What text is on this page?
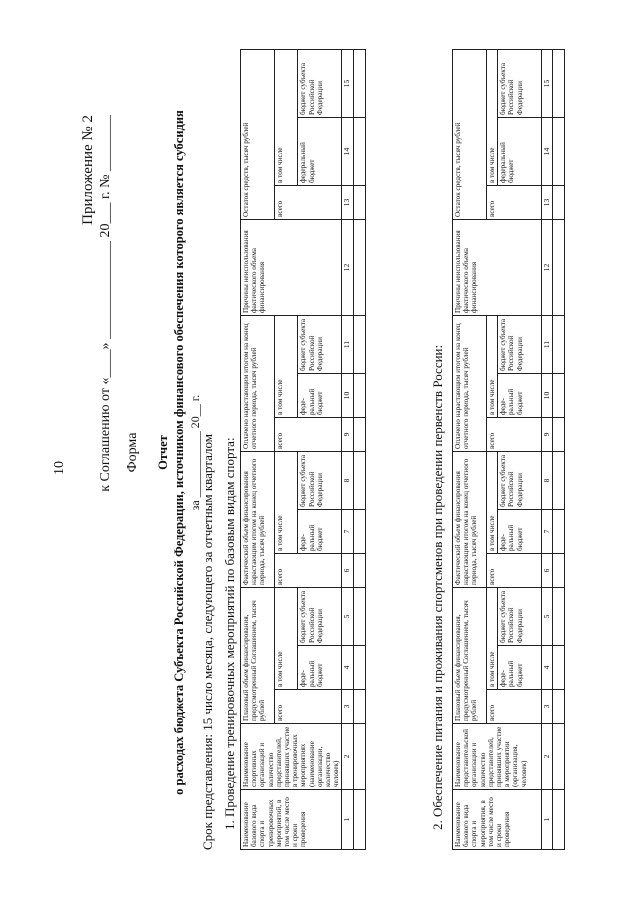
10
Приложение № 2 к Соглашению от «____» ______________ 20___ г. № ________ Форма Отчет о расходах бюджета Субъекта Российской Федерации, источником финансового обеспечения которого является субсидия за ___________ 20__ г.
Срок представления: 15 число месяца, следующего за отчетным кварталом 1. Проведение тренировочных мероприятий по базовым видам спорта: Наименование базового вида спорта и тренировочных мероприятий, в том числе место и сроки проведения	Наименование спортивных организаций и количество представителей, принявших участие в тренировочных мероприятиях (наименование организации, количество человек)	Плановый объем финансирования, предусмотренный Соглашением, тысяч рублей			Фактический объем финансирования нарастающим итогом на конец отчетного периода, тысяч рублей			Оплачено нарастающим итогом на конец отчетного периода, тысяч рублей			Причины неиспользования фактического объема финансирования	Остаток средств, тысяч рублей		
		всего	в том числе		всего	в том числе		всего	в том числе			всего	в том числе	
			феде-ральный бюджет	бюджет субъекта Российской Федерации		феде-ральный бюджет	бюджет субъекта Российской Федерации		феде-ральный бюджет	бюджет субъекта Российской Федерации			федеральный бюджет	бюджет субъекта Российской Федерации
1	2	3	4	5	6	7	8	9	10	11	12	13	14	15

2. Обеспечение питания и проживания спортсменов при проведении первенств России: Наименование базового вида спорта и мероприятия, в том числе место и сроки проведения	Наименование представительской организации и количество представителей, принявших участие в мероприятии (организация, человек)	Плановый объем финансирования, предусмотренный Соглашением, тысяч рублей			Фактический объем финансирования нарастающим итогом на конец отчетного периода, тысяч рублей			Оплачено нарастающим итогом на конец отчетного периода, тысяч рублей			Причины неиспользования фактического объема финансирования	Остаток средств, тысяч рублей		
		всего	в том числе		всего	в том числе		всего	в том числе			всего	в том числе	
			феде-ральный бюджет	бюджет субъекта Российской Федерации		феде-ральный бюджет	бюджет субъекта Российской Федерации		феде-ральный бюджет	бюджет субъекта Российской Федерации			федеральный бюджет	бюджет субъекта Российской Федерации
1	2	3	4	5	6	7	8	9	10	11	12	13	14	15
